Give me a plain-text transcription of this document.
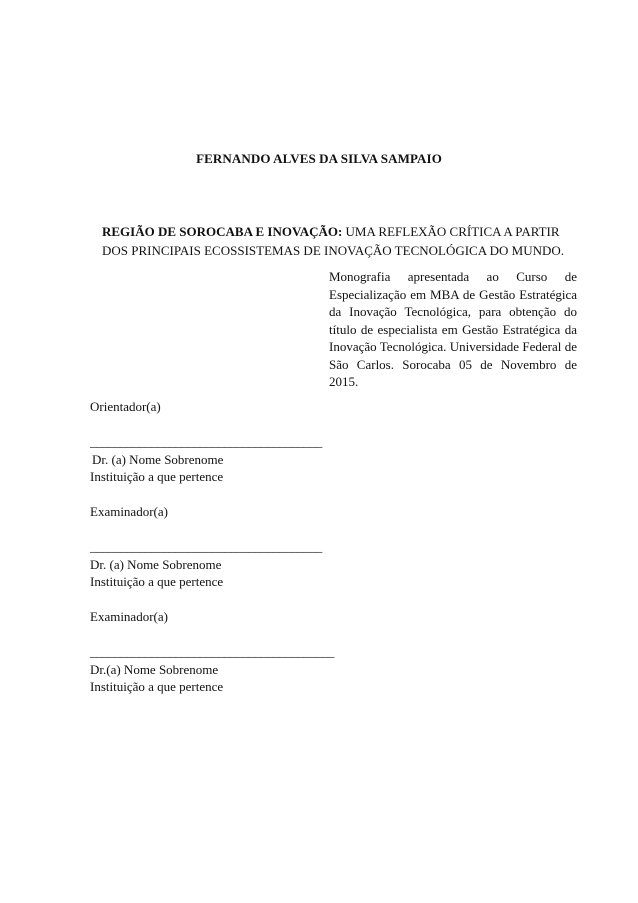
FERNANDO ALVES DA SILVA SAMPAIO
REGIÃO DE SOROCABA E INOVAÇÃO: UMA REFLEXÃO CRÍTICA A PARTIR
DOS PRINCIPAIS ECOSSISTEMAS DE INOVAÇÃO TECNOLÓGICA DO MUNDO.
Monografia apresentada ao Curso de Especialização em MBA de Gestão Estratégica da Inovação Tecnológica, para obtenção do título de especialista em Gestão Estratégica da Inovação Tecnológica. Universidade Federal de São Carlos. Sorocaba 05 de Novembro de 2015.
Orientador(a)
______________________________________
Dr. (a) Nome Sobrenome
Instituição a que pertence
Examinador(a)
______________________________________
Dr. (a) Nome Sobrenome
Instituição a que pertence
Examinador(a)
________________________________________
Dr.(a) Nome Sobrenome
Instituição a que pertence
